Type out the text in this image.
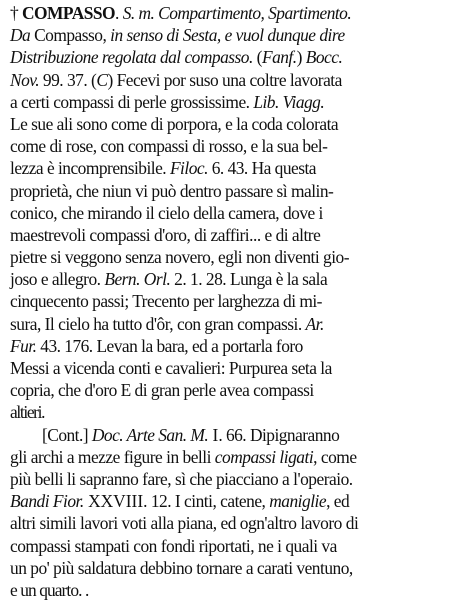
† COMPASSO. S. m. Compartimento, Spartimento.
Da Compasso, in senso di Sesta, e vuol dunque dire
Distribuzione regolata dal compasso. (Fanf.) Bocc.
Nov. 99. 37. (C) Fecevi por suso una coltre lavorata
a certi compassi di perle grossissime. Lib. Viagg.
Le sue ali sono come di porpora, e la coda colorata
come di rose, con compassi di rosso, e la sua bel-
lezza è incomprensibile. Filoc. 6. 43. Ha questa
proprietà, che niun vi può dentro passare sì malin-
conico, che mirando il cielo della camera, dove i
maestrevoli compassi d'oro, di zaffiri... e di altre
pietre si veggono senza novero, egli non diventi gio-
joso e allegro. Bern. Orl. 2. 1. 28. Lunga è la sala
cinquecento passi; Trecento per larghezza di mi-
sura, Il cielo ha tutto d'ôr, con gran compassi. Ar.
Fur. 43. 176. Levan la bara, ed a portarla foro
Messi a vicenda conti e cavalieri: Purpurea seta la
copria, che d'oro E di gran perle avea compassi
altieri.
[Cont.] Doc. Arte San. M. I. 66. Dipignaranno
gli archi a mezze figure in belli compassi ligati, come
più belli li sapranno fare, sì che piacciano a l'operaio.
Bandi Fior. XXVIII. 12. I cinti, catene, maniglie, ed
altri simili lavori voti alla piana, ed ogn'altro lavoro di
compassi stampati con fondi riportati, ne i quali va
un po' più saldatura debbino tornare a carati ventuno,
e un quarto. .
